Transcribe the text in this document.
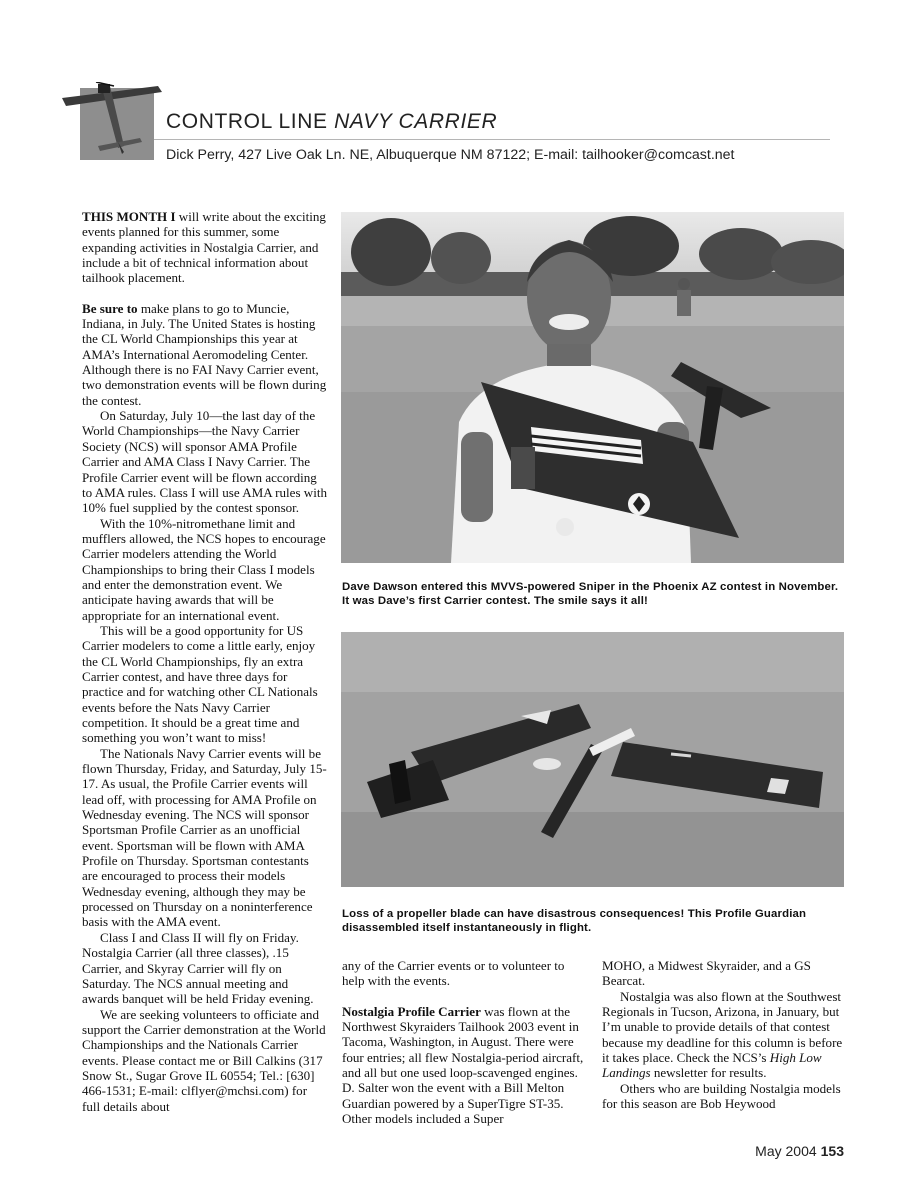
CONTROL LINE NAVY CARRIER
Dick Perry, 427 Live Oak Ln. NE, Albuquerque NM 87122; E-mail: tailhooker@comcast.net

THIS MONTH I will write about the exciting events planned for this summer, some expanding activities in Nostalgia Carrier, and include a bit of technical information about tailhook placement.

Be sure to make plans to go to Muncie, Indiana, in July. The United States is hosting the CL World Championships this year at AMA’s International Aeromodeling Center. Although there is no FAI Navy Carrier event, two demonstration events will be flown during the contest.

On Saturday, July 10—the last day of the World Championships—the Navy Carrier Society (NCS) will sponsor AMA Profile Carrier and AMA Class I Navy Carrier. The Profile Carrier event will be flown according to AMA rules. Class I will use AMA rules with 10% fuel supplied by the contest sponsor.

With the 10%-nitromethane limit and mufflers allowed, the NCS hopes to encourage Carrier modelers attending the World Championships to bring their Class I models and enter the demonstration event. We anticipate having awards that will be appropriate for an international event.

This will be a good opportunity for US Carrier modelers to come a little early, enjoy the CL World Championships, fly an extra Carrier contest, and have three days for practice and for watching other CL Nationals events before the Nats Navy Carrier competition. It should be a great time and something you won’t want to miss!

The Nationals Navy Carrier events will be flown Thursday, Friday, and Saturday, July 15-17. As usual, the Profile Carrier events will lead off, with processing for AMA Profile on Wednesday evening. The NCS will sponsor Sportsman Profile Carrier as an unofficial event. Sportsman will be flown with AMA Profile on Thursday. Sportsman contestants are encouraged to process their models Wednesday evening, although they may be processed on Thursday on a noninterference basis with the AMA event.

Class I and Class II will fly on Friday. Nostalgia Carrier (all three classes), .15 Carrier, and Skyray Carrier will fly on Saturday. The NCS annual meeting and awards banquet will be held Friday evening.

We are seeking volunteers to officiate and support the Carrier demonstration at the World Championships and the Nationals Carrier events. Please contact me or Bill Calkins (317 Snow St., Sugar Grove IL 60554; Tel.: [630] 466-1531; E-mail: clflyer@mchsi.com) for full details about

Dave Dawson entered this MVVS-powered Sniper in the Phoenix AZ contest in November. It was Dave’s first Carrier contest. The smile says it all!
Loss of a propeller blade can have disastrous consequences! This Profile Guardian disassembled itself instantaneously in flight.

any of the Carrier events or to volunteer to help with the events.

Nostalgia Profile Carrier was flown at the Northwest Skyraiders Tailhook 2003 event in Tacoma, Washington, in August. There were four entries; all flew Nostalgia-period aircraft, and all but one used loop-scavenged engines. D. Salter won the event with a Bill Melton Guardian powered by a SuperTigre ST-35. Other models included a Super

MOHO, a Midwest Skyraider, and a GS Bearcat.

Nostalgia was also flown at the Southwest Regionals in Tucson, Arizona, in January, but I’m unable to provide details of that contest because my deadline for this column is before it takes place. Check the NCS’s High Low Landings newsletter for results.

Others who are building Nostalgia models for this season are Bob Heywood

May 2004 153
